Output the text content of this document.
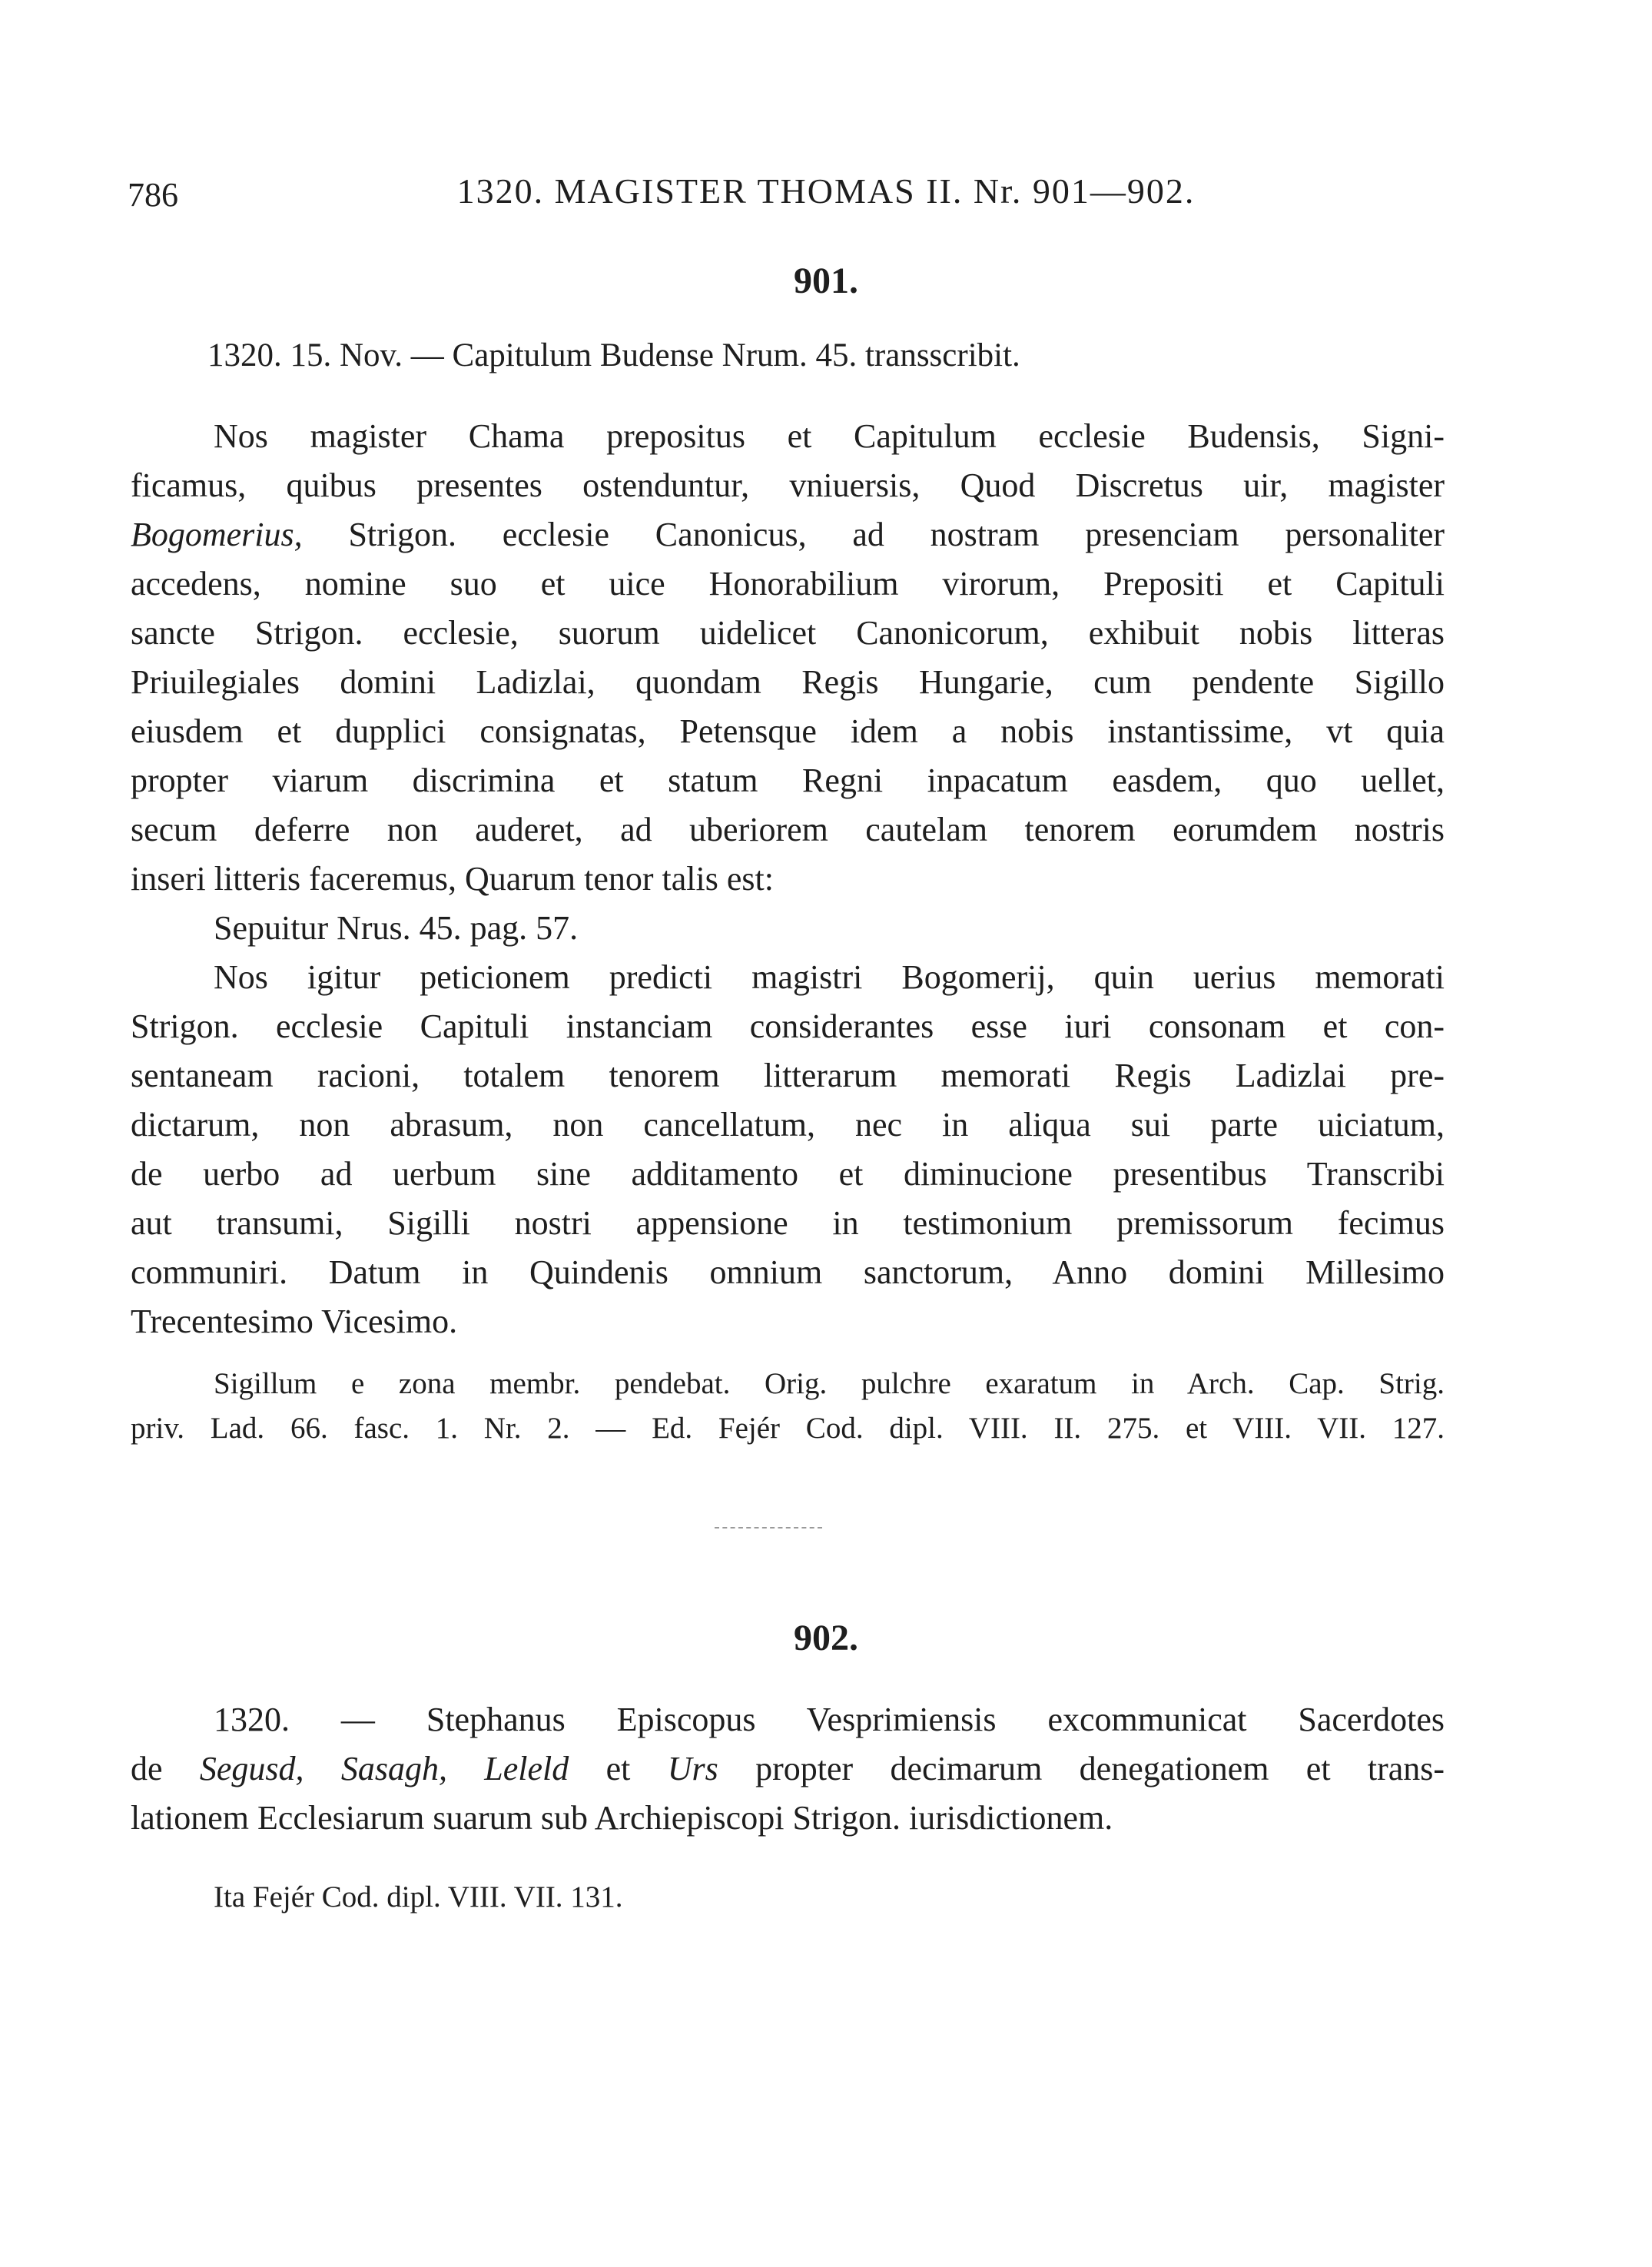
786	1320. MAGISTER THOMAS II. Nr. 901—902.
901.
1320. 15. Nov. — Capitulum Budense Nrum. 45. transscribit.
Nos magister Chama prepositus et Capitulum ecclesie Budensis, Signi-
ficamus, quibus presentes ostenduntur, vniuersis, Quod Discretus uir, magister
Bogomerius, Strigon. ecclesie Canonicus, ad nostram presenciam personaliter
accedens, nomine suo et uice Honorabilium virorum, Prepositi et Capituli
sancte Strigon. ecclesie, suorum uidelicet Canonicorum, exhibuit nobis litteras
Priuilegiales domini Ladizlai, quondam Regis Hungarie, cum pendente Sigillo
eiusdem et dupplici consignatas, Petensque idem a nobis instantissime, vt quia
propter viarum discrimina et statum Regni inpacatum easdem, quo uellet,
secum deferre non auderet, ad uberiorem cautelam tenorem eorumdem nostris
inseri litteris faceremus, Quarum tenor talis est:
Sepuitur Nrus. 45. pag. 57.
Nos igitur peticionem predicti magistri Bogomerij, quin uerius memorati
Strigon. ecclesie Capituli instanciam considerantes esse iuri consonam et con-
sentaneam racioni, totalem tenorem litterarum memorati Regis Ladizlai pre-
dictarum, non abrasum, non cancellatum, nec in aliqua sui parte uiciatum,
de uerbo ad uerbum sine additamento et diminucione presentibus Transcribi
aut transumi, Sigilli nostri appensione in testimonium premissorum fecimus
communiri. Datum in Quindenis omnium sanctorum, Anno domini Millesimo
Trecentesimo Vicesimo.
Sigillum e zona membr. pendebat. Orig. pulchre exaratum in Arch. Cap. Strig.
priv. Lad. 66. fasc. 1. Nr. 2. — Ed. Fejér Cod. dipl. VIII. II. 275. et VIII. VII. 127.
902.
1320. — Stephanus Episcopus Vesprimiensis excommunicat Sacerdotes
de Segusd, Sasagh, Leleld et Urs propter decimarum denegationem et trans-
lationem Ecclesiarum suarum sub Archiepiscopi Strigon. iurisdictionem.
Ita Fejér Cod. dipl. VIII. VII. 131.
